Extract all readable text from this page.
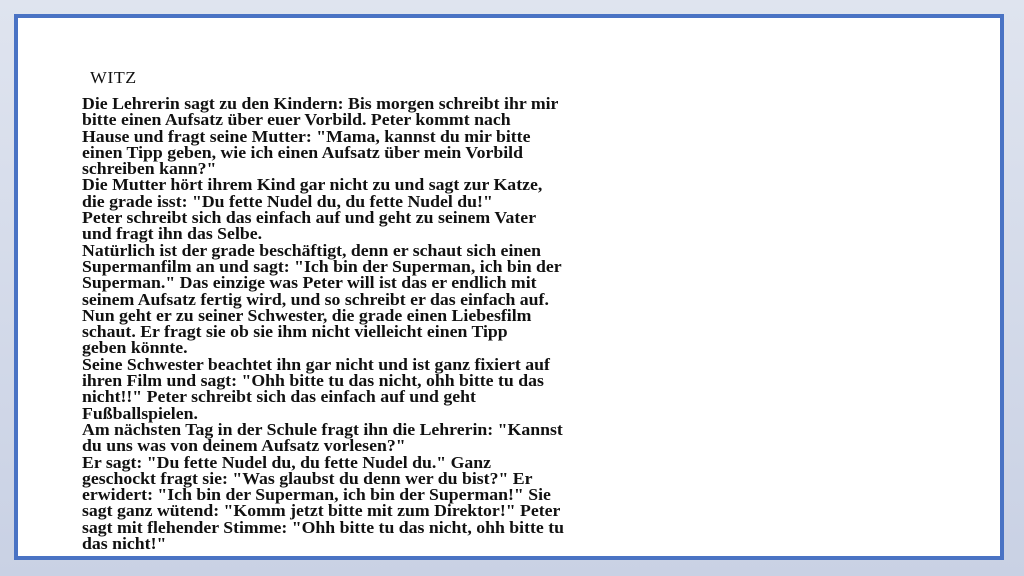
WITZ
Die Lehrerin sagt zu den Kindern: Bis morgen schreibt ihr mir
bitte einen Aufsatz über euer Vorbild. Peter kommt nach
Hause und fragt seine Mutter: "Mama, kannst du mir bitte
einen Tipp geben, wie ich einen Aufsatz über mein Vorbild
schreiben kann?"
Die Mutter hört ihrem Kind gar nicht zu und sagt zur Katze,
die grade isst: "Du fette Nudel du, du fette Nudel du!"
Peter schreibt sich das einfach auf und geht zu seinem Vater
und fragt ihn das Selbe.
Natürlich ist der grade beschäftigt, denn er schaut sich einen
Supermanfilm an und sagt: "Ich bin der Superman, ich bin der
Superman." Das einzige was Peter will ist das er endlich mit
seinem Aufsatz fertig wird, und so schreibt er das einfach auf.
Nun geht er zu seiner Schwester, die grade einen Liebesfilm
schaut. Er fragt sie ob sie ihm nicht vielleicht einen Tipp
geben könnte.
Seine Schwester beachtet ihn gar nicht und ist ganz fixiert auf
ihren Film und sagt: "Ohh bitte tu das nicht, ohh bitte tu das
nicht!!" Peter schreibt sich das einfach auf und geht
Fußballspielen.
Am nächsten Tag in der Schule fragt ihn die Lehrerin: "Kannst
du uns was von deinem Aufsatz vorlesen?"
Er sagt: "Du fette Nudel du, du fette Nudel du." Ganz
geschockt fragt sie: "Was glaubst du denn wer du bist?" Er
erwidert: "Ich bin der Superman, ich bin der Superman!" Sie
sagt ganz wütend: "Komm jetzt bitte mit zum Direktor!" Peter
sagt mit flehender Stimme: "Ohh bitte tu das nicht, ohh bitte tu
das nicht!"
